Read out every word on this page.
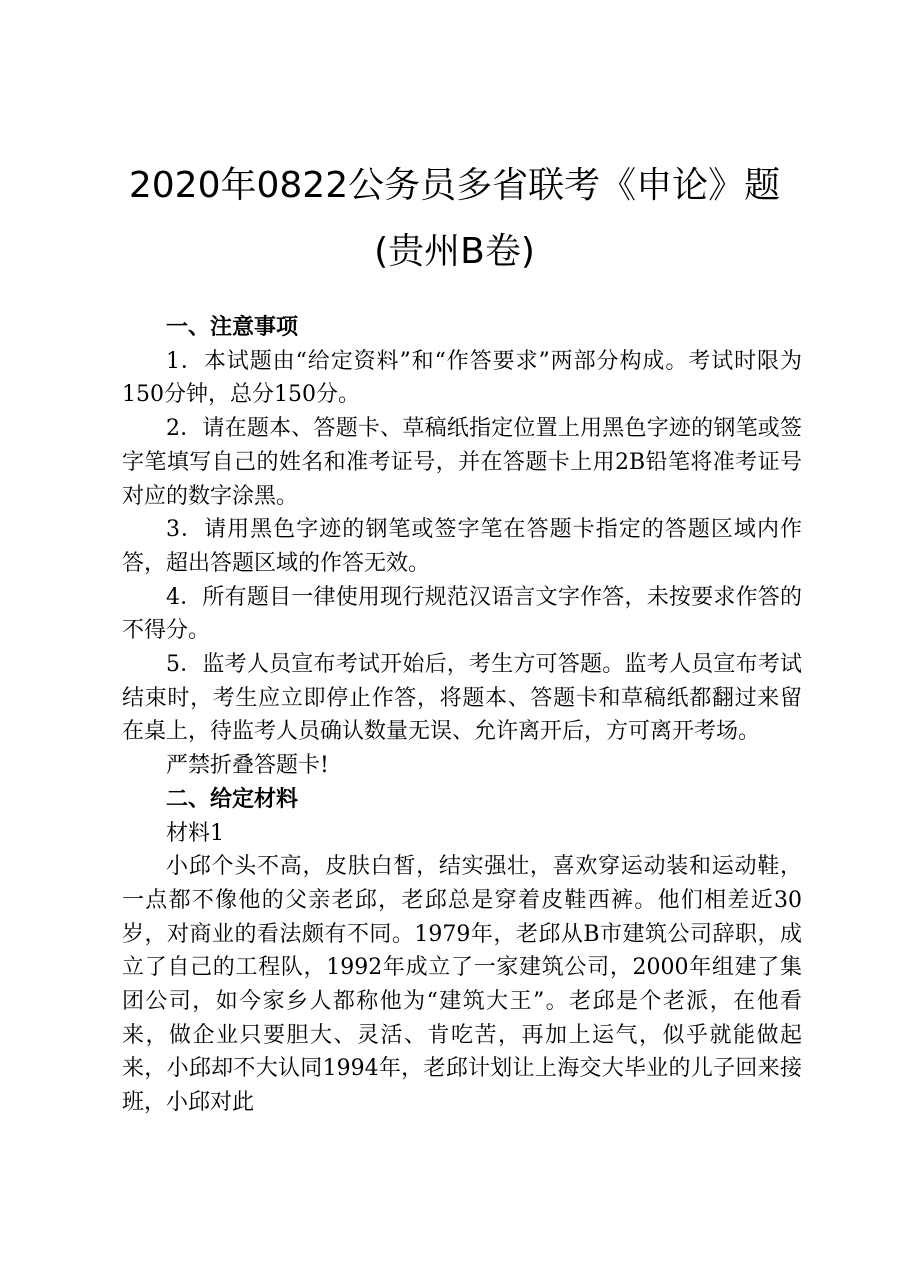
2020年0822公务员多省联考《申论》题
(贵州B卷)

一、注意事项

1．本试题由“给定资料”和“作答要求”两部分构成。考试时限为150分钟，总分150分。

2．请在题本、答题卡、草稿纸指定位置上用黑色字迹的钢笔或签字笔填写自己的姓名和准考证号，并在答题卡上用2B铅笔将准考证号对应的数字涂黑。

3．请用黑色字迹的钢笔或签字笔在答题卡指定的答题区域内作答，超出答题区域的作答无效。

4．所有题目一律使用现行规范汉语言文字作答，未按要求作答的不得分。

5．监考人员宣布考试开始后，考生方可答题。监考人员宣布考试结束时，考生应立即停止作答，将题本、答题卡和草稿纸都翻过来留在桌上，待监考人员确认数量无误、允许离开后，方可离开考场。

严禁折叠答题卡!

二、给定材料

材料1

小邱个头不高，皮肤白皙，结实强壮，喜欢穿运动装和运动鞋，一点都不像他的父亲老邱，老邱总是穿着皮鞋西裤。他们相差近30岁，对商业的看法颇有不同。1979年，老邱从B市建筑公司辞职，成立了自己的工程队，1992年成立了一家建筑公司，2000年组建了集团公司，如今家乡人都称他为“建筑大王”。老邱是个老派，在他看来，做企业只要胆大、灵活、肯吃苦，再加上运气，似乎就能做起来，小邱却不大认同1994年，老邱计划让上海交大毕业的儿子回来接班，小邱对此
